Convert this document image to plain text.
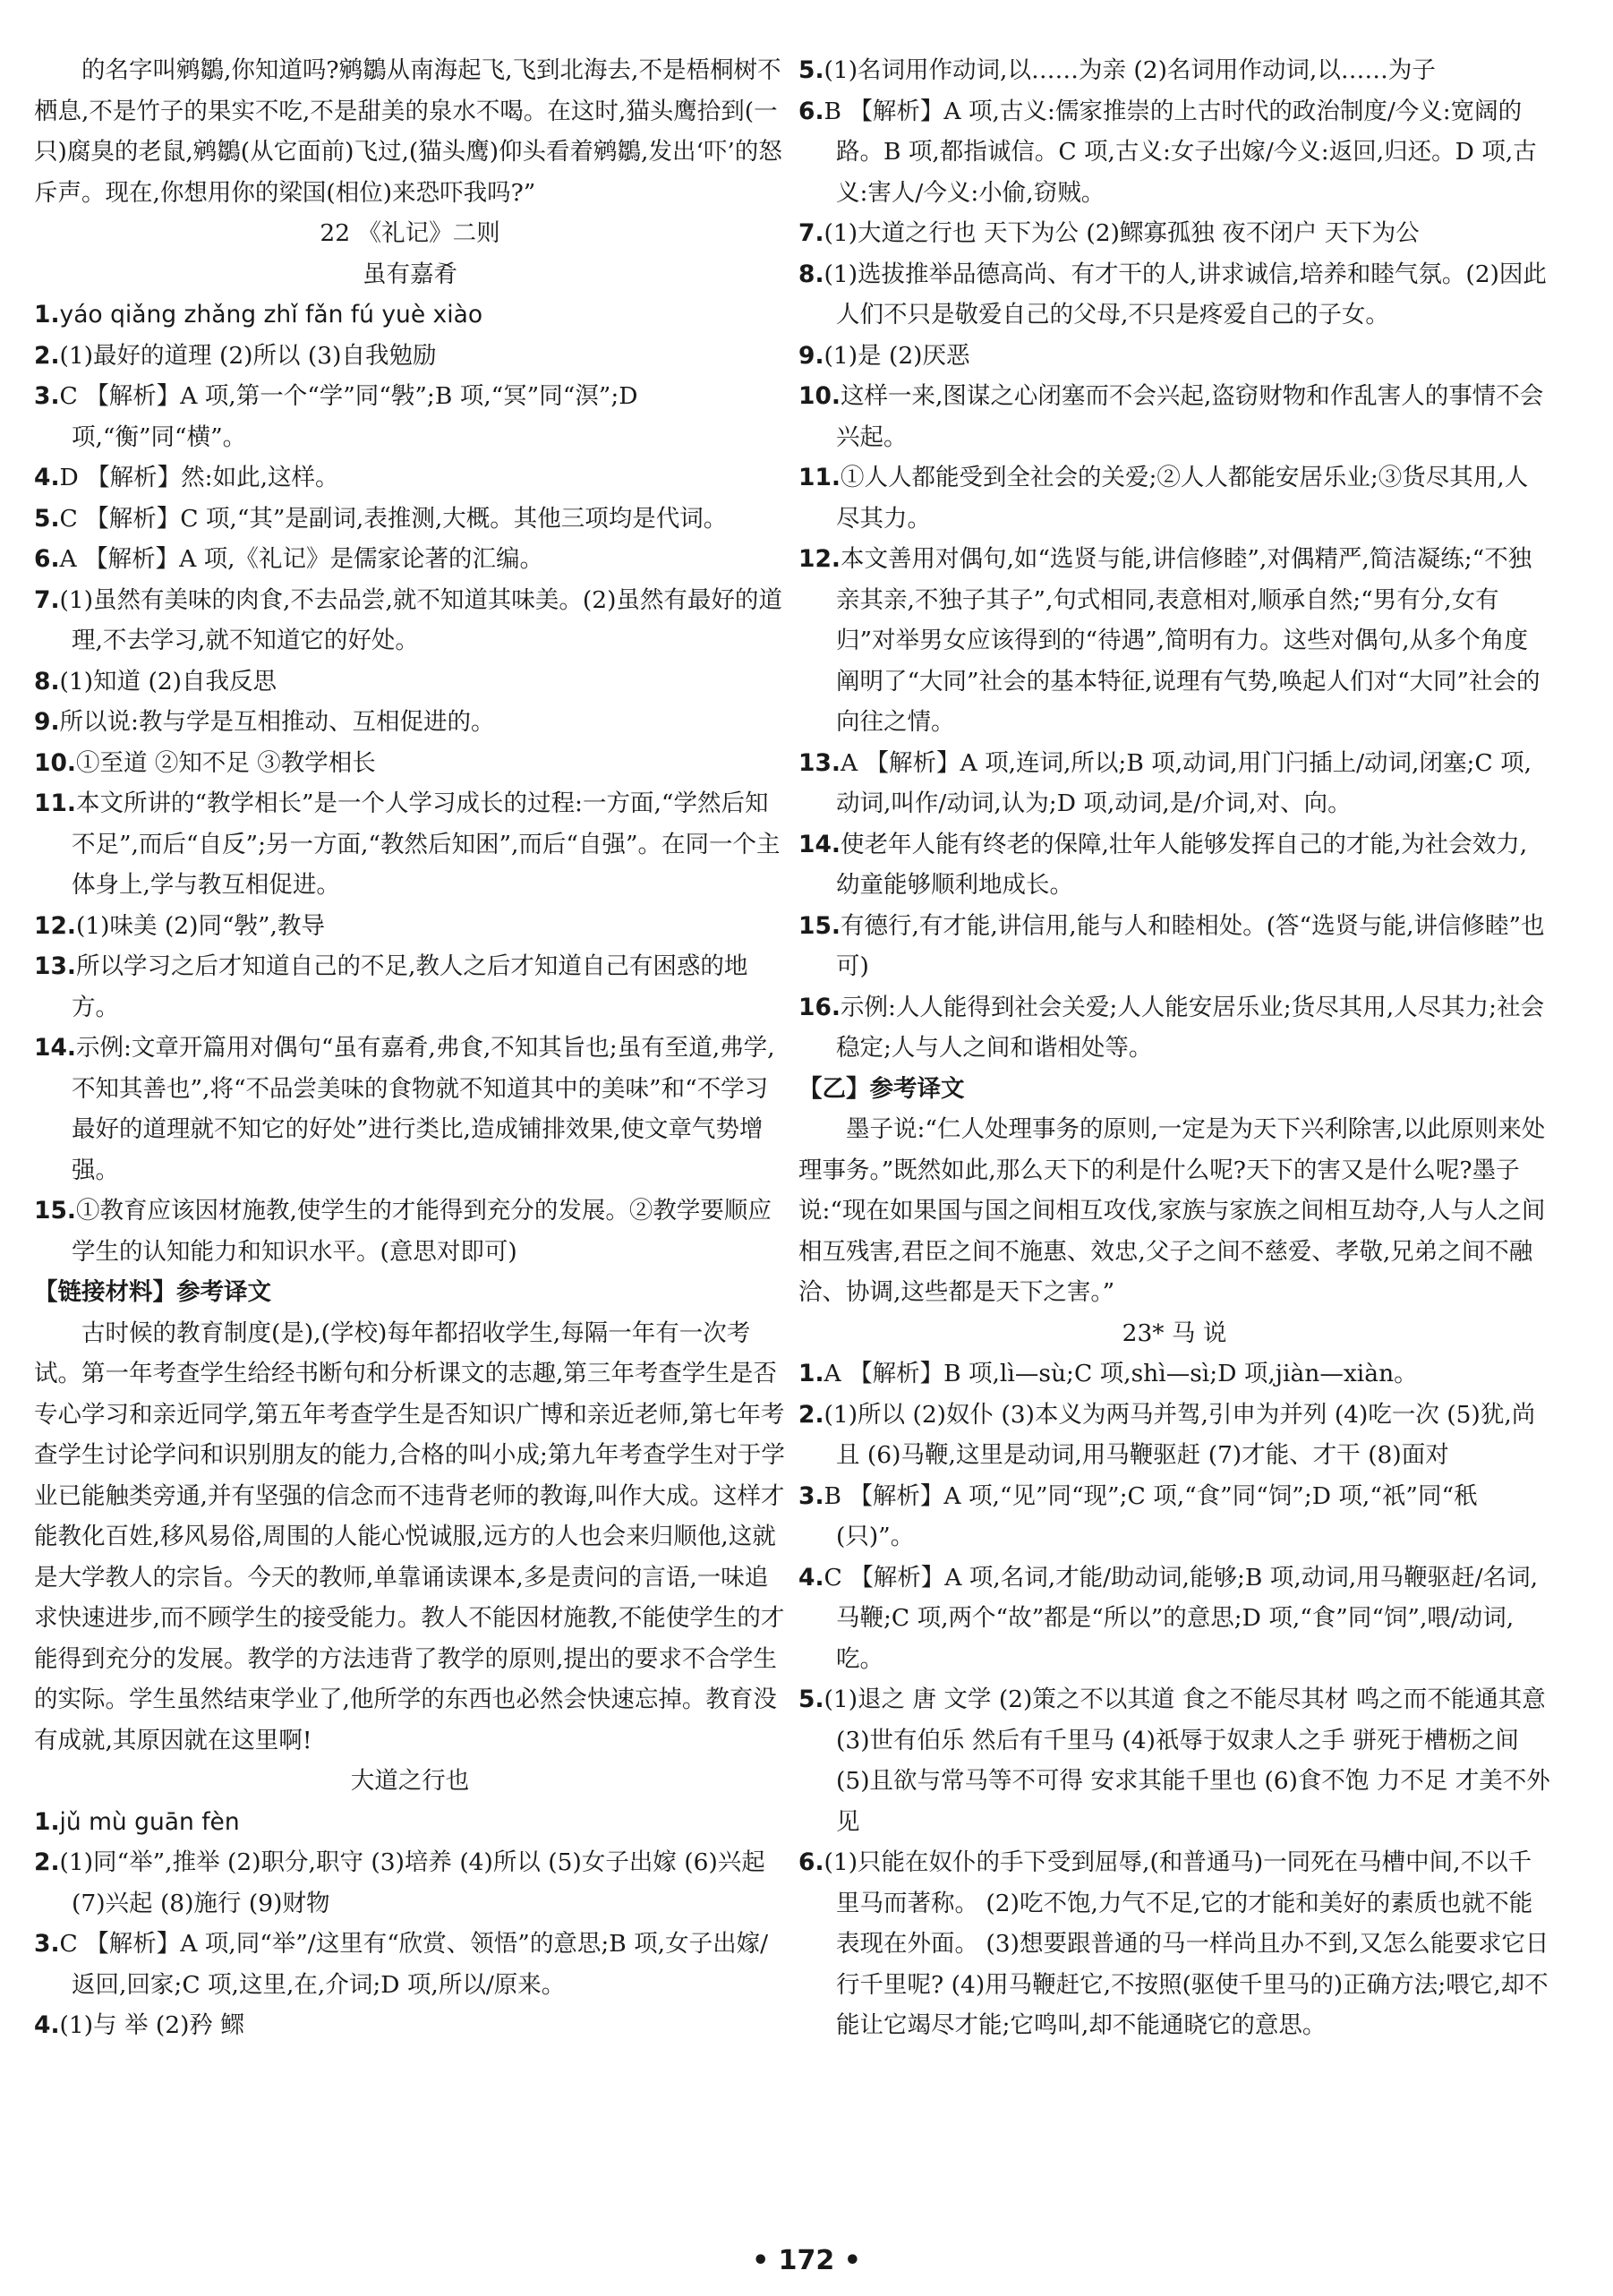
的名字叫鹓鶵,你知道吗?鹓鶵从南海起飞,飞到北海去,不是梧桐树不栖息,不是竹子的果实不吃,不是甜美的泉水不喝。在这时,猫头鹰拾到(一只)腐臭的老鼠,鹓鶵(从它面前)飞过,(猫头鹰)仰头看着鹓鶵,发出‘吓’的怒斥声。现在,你想用你的梁国(相位)来恐吓我吗?”
22 《礼记》二则
虽有嘉肴
1.yáo qiǎng zhǎng zhǐ fǎn fú yuè xiào
2.(1)最好的道理 (2)所以 (3)自我勉励
3.C 【解析】A 项,第一个“学”同“斅”;B 项,“冥”同“溟”;D 项,“衡”同“横”。
4.D 【解析】然:如此,这样。
5.C 【解析】C 项,“其”是副词,表推测,大概。其他三项均是代词。
6.A 【解析】A 项,《礼记》是儒家论著的汇编。
7.(1)虽然有美味的肉食,不去品尝,就不知道其味美。(2)虽然有最好的道理,不去学习,就不知道它的好处。
8.(1)知道 (2)自我反思
9.所以说:教与学是互相推动、互相促进的。
10.①至道 ②知不足 ③教学相长
11.本文所讲的“教学相长”是一个人学习成长的过程:一方面,“学然后知不足”,而后“自反”;另一方面,“教然后知困”,而后“自强”。在同一个主体身上,学与教互相促进。
12.(1)味美 (2)同“斅”,教导
13.所以学习之后才知道自己的不足,教人之后才知道自己有困惑的地方。
14.示例:文章开篇用对偶句“虽有嘉肴,弗食,不知其旨也;虽有至道,弗学,不知其善也”,将“不品尝美味的食物就不知道其中的美味”和“不学习最好的道理就不知它的好处”进行类比,造成铺排效果,使文章气势增强。
15.①教育应该因材施教,使学生的才能得到充分的发展。②教学要顺应学生的认知能力和知识水平。(意思对即可)
【链接材料】参考译文
古时候的教育制度(是),(学校)每年都招收学生,每隔一年有一次考试。第一年考查学生给经书断句和分析课文的志趣,第三年考查学生是否专心学习和亲近同学,第五年考查学生是否知识广博和亲近老师,第七年考查学生讨论学问和识别朋友的能力,合格的叫小成;第九年考查学生对于学业已能触类旁通,并有坚强的信念而不违背老师的教诲,叫作大成。这样才能教化百姓,移风易俗,周围的人能心悦诚服,远方的人也会来归顺他,这就是大学教人的宗旨。今天的教师,单靠诵读课本,多是责问的言语,一味追求快速进步,而不顾学生的接受能力。教人不能因材施教,不能使学生的才能得到充分的发展。教学的方法违背了教学的原则,提出的要求不合学生的实际。学生虽然结束学业了,他所学的东西也必然会快速忘掉。教育没有成就,其原因就在这里啊!
大道之行也
1.jǔ mù guān fèn
2.(1)同“举”,推举 (2)职分,职守 (3)培养 (4)所以 (5)女子出嫁 (6)兴起 (7)兴起 (8)施行 (9)财物
3.C 【解析】A 项,同“举”/这里有“欣赏、领悟”的意思;B 项,女子出嫁/返回,回家;C 项,这里,在,介词;D 项,所以/原来。
4.(1)与 举 (2)矜 鳏
5.(1)名词用作动词,以……为亲 (2)名词用作动词,以……为子
6.B 【解析】A 项,古义:儒家推崇的上古时代的政治制度/今义:宽阔的路。B 项,都指诚信。C 项,古义:女子出嫁/今义:返回,归还。D 项,古义:害人/今义:小偷,窃贼。
7.(1)大道之行也 天下为公 (2)鳏寡孤独 夜不闭户 天下为公
8.(1)选拔推举品德高尚、有才干的人,讲求诚信,培养和睦气氛。(2)因此人们不只是敬爱自己的父母,不只是疼爱自己的子女。
9.(1)是 (2)厌恶
10.这样一来,图谋之心闭塞而不会兴起,盗窃财物和作乱害人的事情不会兴起。
11.①人人都能受到全社会的关爱;②人人都能安居乐业;③货尽其用,人尽其力。
12.本文善用对偶句,如“选贤与能,讲信修睦”,对偶精严,简洁凝练;“不独亲其亲,不独子其子”,句式相同,表意相对,顺承自然;“男有分,女有归”对举男女应该得到的“待遇”,简明有力。这些对偶句,从多个角度阐明了“大同”社会的基本特征,说理有气势,唤起人们对“大同”社会的向往之情。
13.A 【解析】A 项,连词,所以;B 项,动词,用门闩插上/动词,闭塞;C 项,动词,叫作/动词,认为;D 项,动词,是/介词,对、向。
14.使老年人能有终老的保障,壮年人能够发挥自己的才能,为社会效力,幼童能够顺利地成长。
15.有德行,有才能,讲信用,能与人和睦相处。(答“选贤与能,讲信修睦”也可)
16.示例:人人能得到社会关爱;人人能安居乐业;货尽其用,人尽其力;社会稳定;人与人之间和谐相处等。
【乙】参考译文
墨子说:“仁人处理事务的原则,一定是为天下兴利除害,以此原则来处理事务。”既然如此,那么天下的利是什么呢?天下的害又是什么呢?墨子说:“现在如果国与国之间相互攻伐,家族与家族之间相互劫夺,人与人之间相互残害,君臣之间不施惠、效忠,父子之间不慈爱、孝敬,兄弟之间不融洽、协调,这些都是天下之害。”
23* 马 说
1.A 【解析】B 项,lì—sù;C 项,shì—sì;D 项,jiàn—xiàn。
2.(1)所以 (2)奴仆 (3)本义为两马并驾,引申为并列 (4)吃一次 (5)犹,尚且 (6)马鞭,这里是动词,用马鞭驱赶 (7)才能、才干 (8)面对
3.B 【解析】A 项,“见”同“现”;C 项,“食”同“饲”;D 项,“祇”同“秖(只)”。
4.C 【解析】A 项,名词,才能/助动词,能够;B 项,动词,用马鞭驱赶/名词,马鞭;C 项,两个“故”都是“所以”的意思;D 项,“食”同“饲”,喂/动词,吃。
5.(1)退之 唐 文学 (2)策之不以其道 食之不能尽其材 鸣之而不能通其意 (3)世有伯乐 然后有千里马 (4)祇辱于奴隶人之手 骈死于槽枥之间 (5)且欲与常马等不可得 安求其能千里也 (6)食不饱 力不足 才美不外见
6.(1)只能在奴仆的手下受到屈辱,(和普通马)一同死在马槽中间,不以千里马而著称。 (2)吃不饱,力气不足,它的才能和美好的素质也就不能表现在外面。 (3)想要跟普通的马一样尚且办不到,又怎么能要求它日行千里呢? (4)用马鞭赶它,不按照(驱使千里马的)正确方法;喂它,却不能让它竭尽才能;它鸣叫,却不能通晓它的意思。
• 172 •
